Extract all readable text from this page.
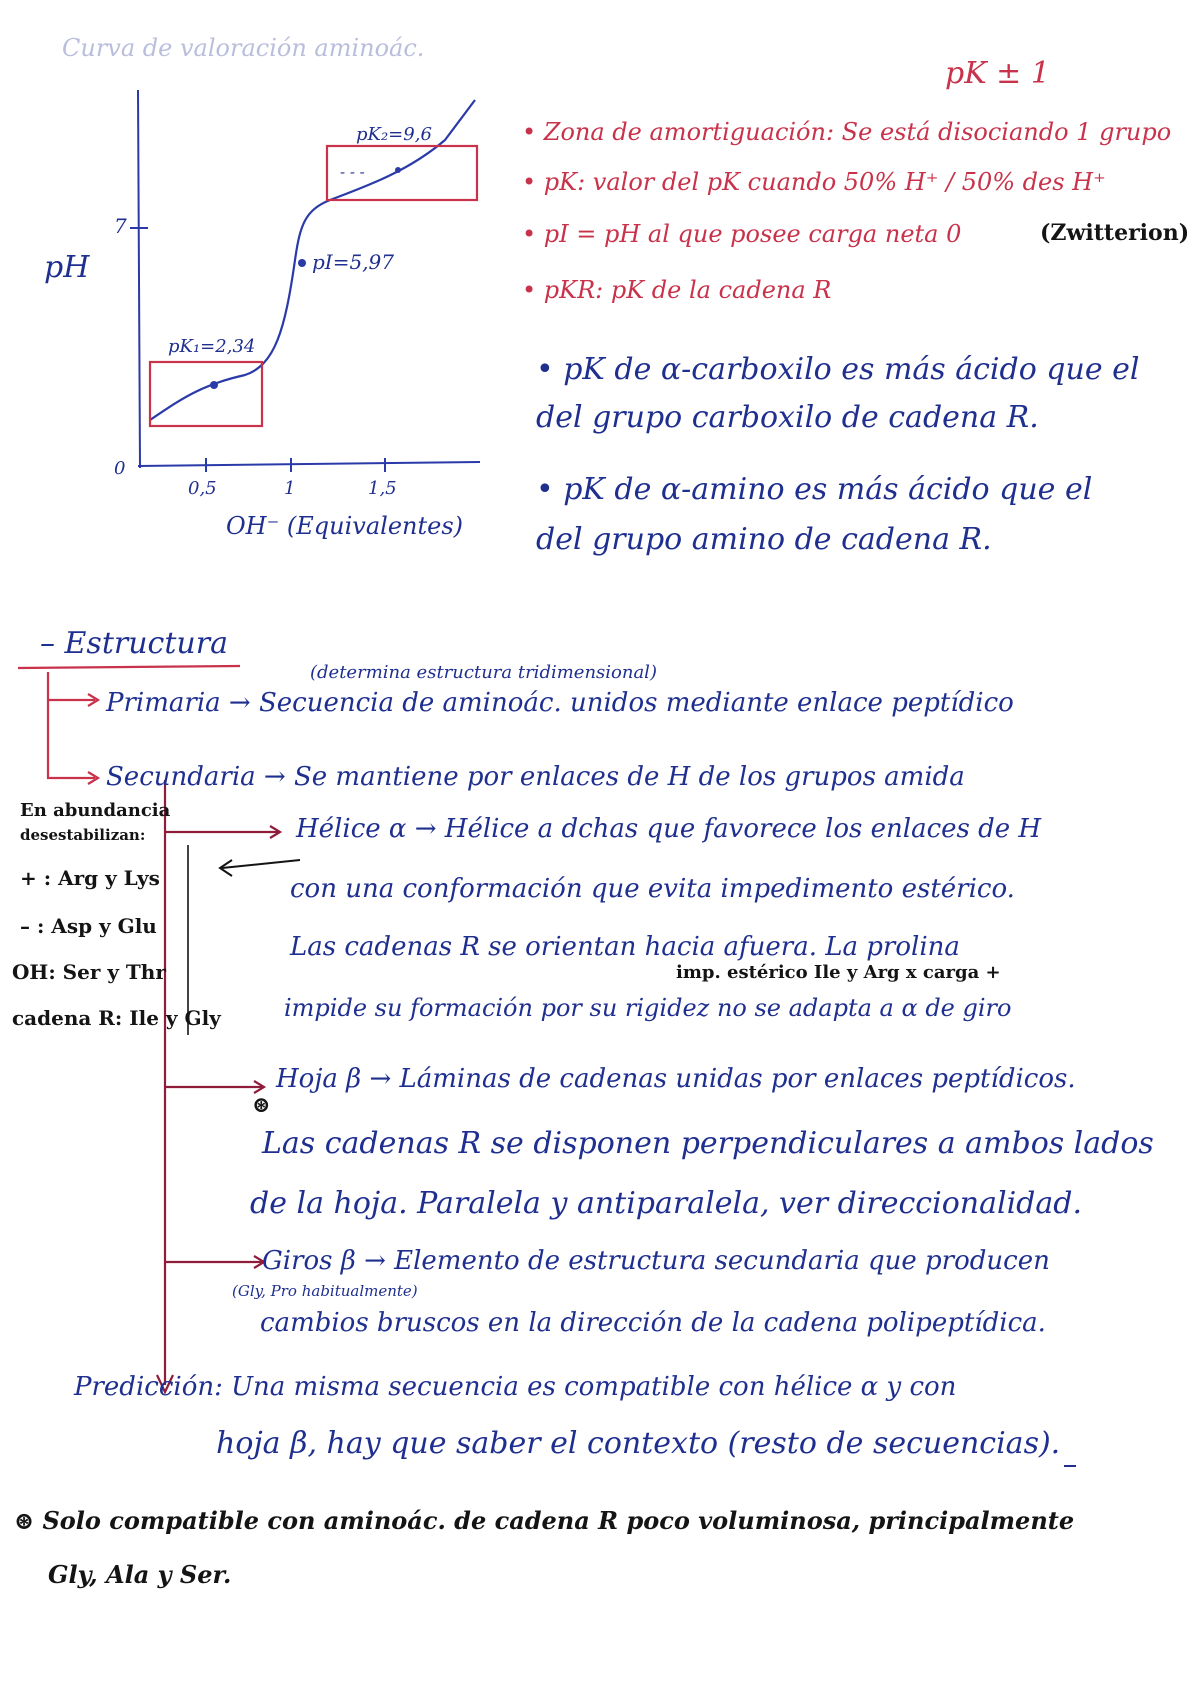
Curva de valoración aminoác.
pH
7
0
0,5	1	1,5
OH⁻ (Equivalentes)
pK₂=9,6
- - -
pI=5,97
pK₁=2,34
pK ± 1
• Zona de amortiguación: Se está disociando 1 grupo
• pK: valor del pK cuando 50% H⁺ / 50% des H⁺
• pI = pH al que posee carga neta 0	(Zwitterion)
• pKR: pK de la cadena R
• pK de α-carboxilo es más ácido que el
del grupo carboxilo de cadena R.
• pK de α-amino es más ácido que el
del grupo amino de cadena R.
– Estructura
(determina estructura tridimensional)
Primaria → Secuencia de aminoác. unidos mediante enlace peptídico
Secundaria → Se mantiene por enlaces de H de los grupos amida
En abundancia
desestabilizan:
+ : Arg y Lys
– : Asp y Glu
OH: Ser y Thr
cadena R: Ile y Gly
Hélice α → Hélice a dchas que favorece los enlaces de H
con una conformación que evita impedimento estérico.
Las cadenas R se orientan hacia afuera. La prolina
imp. estérico Ile y Arg x carga +
impide su formación por su rigidez no se adapta a α de giro
Hoja β → Láminas de cadenas unidas por enlaces peptídicos.
⊛
Las cadenas R se disponen perpendiculares a ambos lados
de la hoja. Paralela y antiparalela, ver direccionalidad.
Giros β → Elemento de estructura secundaria que producen
(Gly, Pro habitualmente)
cambios bruscos en la dirección de la cadena polipeptídica.
Predicción: Una misma secuencia es compatible con hélice α y con
hoja β, hay que saber el contexto (resto de secuencias).
⊛ Solo compatible con aminoác. de cadena R poco voluminosa, principalmente
Gly, Ala y Ser.
